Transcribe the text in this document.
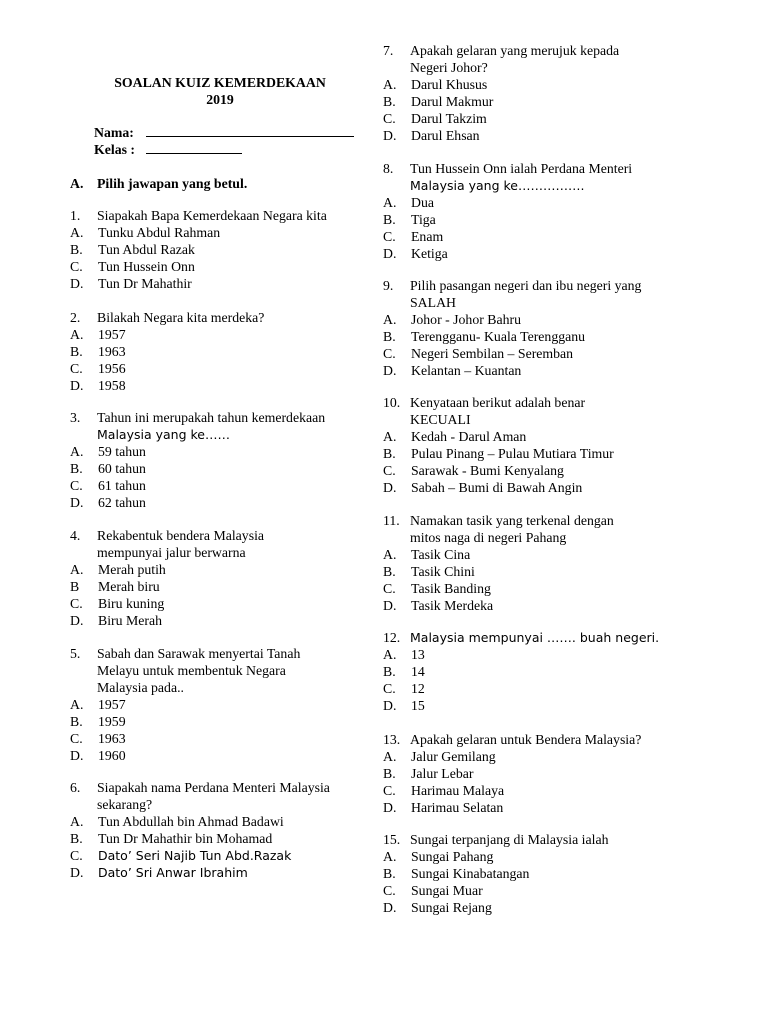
SOALAN KUIZ KEMERDEKAAN
2019
Nama:
Kelas :
A. Pilih jawapan yang betul.
1. Siapakah Bapa Kemerdekaan Negara kita
A. Tunku Abdul Rahman
B. Tun Abdul Razak
C. Tun Hussein Onn
D. Tun Dr Mahathir
2. Bilakah Negara kita merdeka?
A. 1957
B. 1963
C. 1956
D. 1958
3. Tahun ini merupakah tahun kemerdekaan
Malaysia yang ke……
A. 59 tahun
B. 60 tahun
C. 61 tahun
D. 62 tahun
4. Rekabentuk bendera Malaysia
mempunyai jalur berwarna
A. Merah putih
B Merah biru
C. Biru kuning
D. Biru Merah
5. Sabah dan Sarawak menyertai Tanah
Melayu untuk membentuk Negara
Malaysia pada..
A. 1957
B. 1959
C. 1963
D. 1960
6. Siapakah nama Perdana Menteri Malaysia
sekarang?
A. Tun Abdullah bin Ahmad Badawi
B. Tun Dr Mahathir bin Mohamad
C. Dato’ Seri Najib Tun Abd.Razak
D. Dato’ Sri Anwar Ibrahim
7. Apakah gelaran yang merujuk kepada
Negeri Johor?
A. Darul Khusus
B. Darul Makmur
C. Darul Takzim
D. Darul Ehsan
8. Tun Hussein Onn ialah Perdana Menteri
Malaysia yang ke…………….
A. Dua
B. Tiga
C. Enam
D. Ketiga
9. Pilih pasangan negeri dan ibu negeri yang
SALAH
A. Johor - Johor Bahru
B. Terengganu- Kuala Terengganu
C. Negeri Sembilan – Seremban
D. Kelantan – Kuantan
10. Kenyataan berikut adalah benar
KECUALI
A. Kedah - Darul Aman
B. Pulau Pinang – Pulau Mutiara Timur
C. Sarawak - Bumi Kenyalang
D. Sabah – Bumi di Bawah Angin
11. Namakan tasik yang terkenal dengan
mitos naga di negeri Pahang
A. Tasik Cina
B. Tasik Chini
C. Tasik Banding
D. Tasik Merdeka
12. Malaysia mempunyai ……. buah negeri.
A. 13
B. 14
C. 12
D. 15
13. Apakah gelaran untuk Bendera Malaysia?
A. Jalur Gemilang
B. Jalur Lebar
C. Harimau Malaya
D. Harimau Selatan
15. Sungai terpanjang di Malaysia ialah
A. Sungai Pahang
B. Sungai Kinabatangan
C. Sungai Muar
D. Sungai Rejang
